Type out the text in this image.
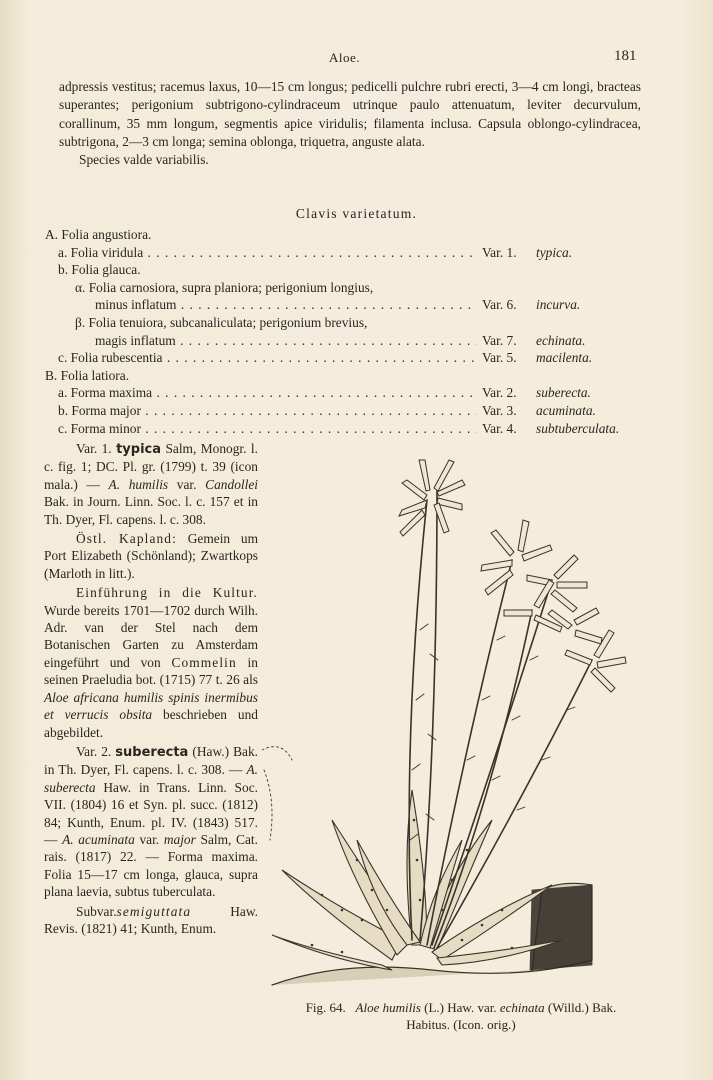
Aloe.	181

adpressis vestitus; racemus laxus, 10—15 cm longus; pedicelli pulchre rubri erecti, 3—4 cm longi, bracteas superantes; perigonium subtrigono-cylindraceum utrinque paulo attenuatum, leviter decurvulum, corallinum, 35 mm longum, segmentis apice viridulis; filamenta inclusa. Capsula oblongo-cylindracea, subtrigona, 2—3 cm longa; semina oblonga, triquetra, anguste alata.

Species valde variabilis.

Clavis varietatum.
A. Folia angustiora.
a. Folia viridula . . .	Var. 1. typica.
b. Folia glauca.
α. Folia carnosiora, supra planiora; perigonium longius,
minus inflatum . . .	Var. 6. incurva.
β. Folia tenuiora, subcanaliculata; perigonium brevius,
magis inflatum . . .	Var. 7. echinata.
c. Folia rubescentia . . .	Var. 5. macilenta.
B. Folia latiora.
a. Forma maxima . . .	Var. 2. suberecta.
b. Forma major . . .	Var. 3. acuminata.
c. Forma minor . . .	Var. 4. subtuberculata.

Var. 1. typica Salm, Monogr. l. c. fig. 1; DC. Pl. gr. (1799) t. 39 (icon mala.) — A. humilis var. Candollei Bak. in Journ. Linn. Soc. l. c. 157 et in Th. Dyer, Fl. capens. l. c. 308.

Östl. Kapland: Gemein um Port Elizabeth (Schönland); Zwartkops (Marloth in litt.).

Einführung in die Kultur. Wurde bereits 1701—1702 durch Wilh. Adr. van der Stel nach dem Botanischen Garten zu Amsterdam eingeführt und von Commelin in seinen Praeludia bot. (1715) 77 t. 26 als Aloe africana humilis spinis inermibus et verrucis obsita beschrieben und abgebildet.

Var. 2. suberecta (Haw.) Bak. in Th. Dyer, Fl. capens. l. c. 308. — A. suberecta Haw. in Trans. Linn. Soc. VII. (1804) 16 et Syn. pl. succ. (1812) 84; Kunth, Enum. pl. IV. (1843) 517. — A. acuminata var. major Salm, Cat. rais. (1817) 22. — Forma maxima. Folia 15—17 cm longa, glauca, supra plana laevia, subtus tuberculata.

Subvar.semiguttata	Haw. Revis. (1821) 41; Kunth, Enum.

Fig. 64. Aloe humilis (L.) Haw. var. echinata (Willd.) Bak.
Habitus. (Icon. orig.)
